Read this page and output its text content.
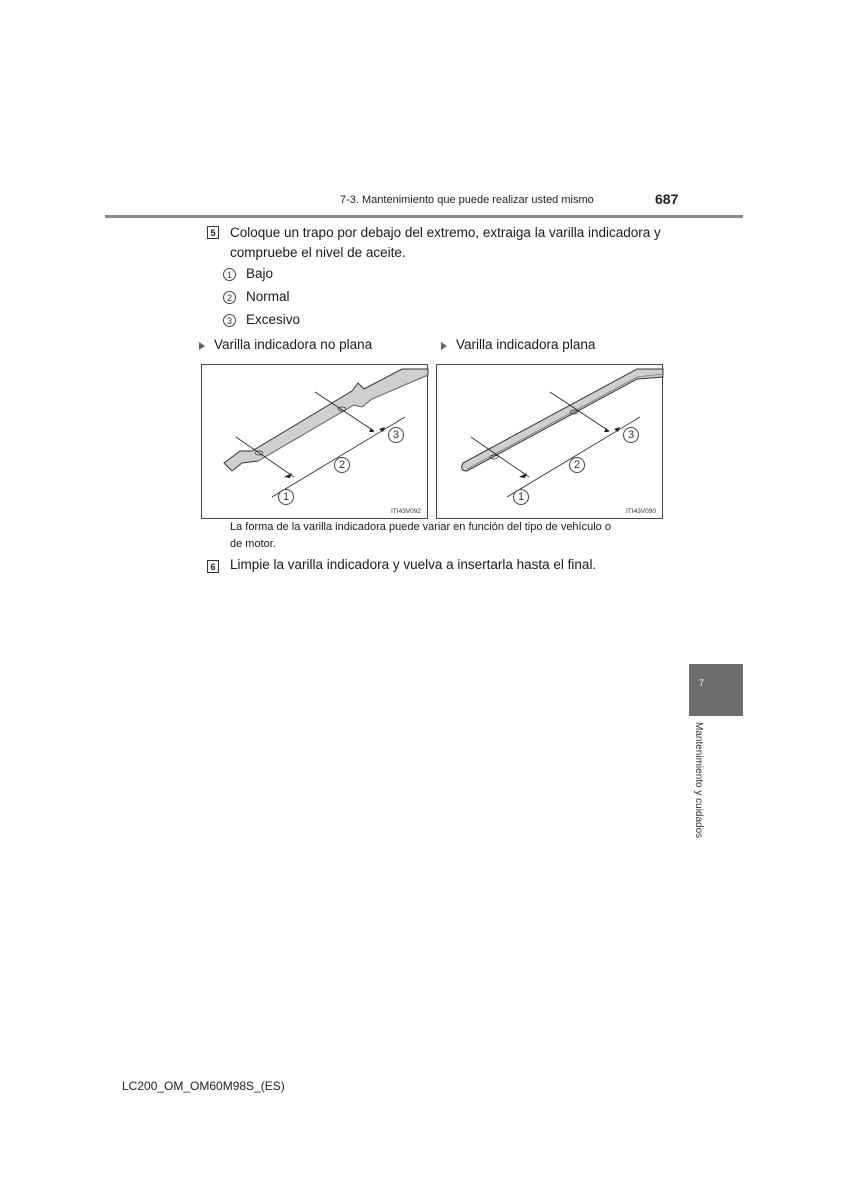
7-3. Mantenimiento que puede realizar usted mismo	687
5 Coloque un trapo por debajo del extremo, extraiga la varilla indicadora y
compruebe el nivel de aceite.
1 Bajo
2 Normal
3 Excesivo
Varilla indicadora no plana	Varilla indicadora plana
1
2
3
ITI43V092
1
2
3
ITI43V090
La forma de la varilla indicadora puede variar en función del tipo de vehículo o
de motor.
6 Limpie la varilla indicadora y vuelva a insertarla hasta el final.
7
Mantenimiento y cuidados
LC200_OM_OM60M98S_(ES)
